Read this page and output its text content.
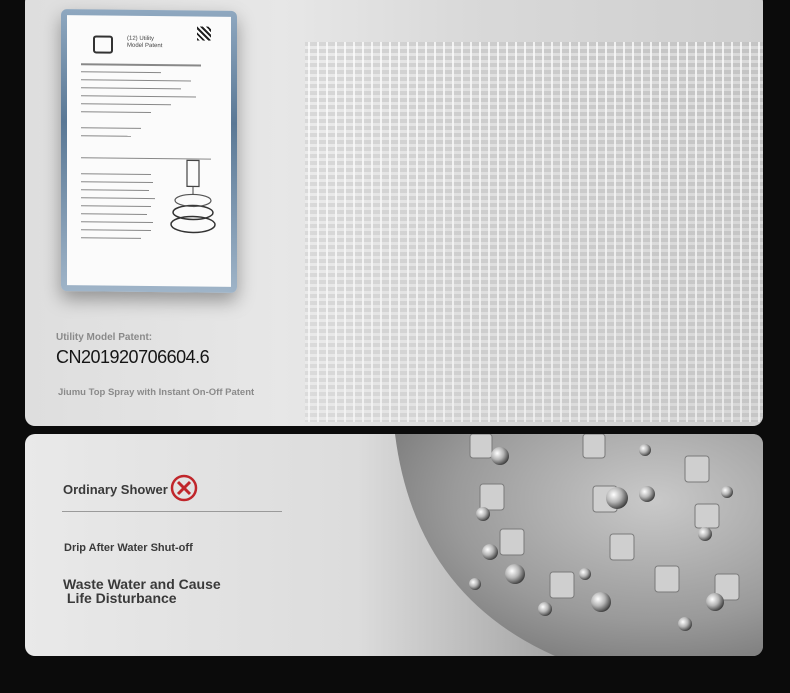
(12) Utility
Model Patent
Utility Model Patent:
CN201920706604.6
Jiumu Top Spray with Instant On-Off Patent
Ordinary Shower
Drip After Water Shut-off
Waste Water and Cause
Life Disturbance
